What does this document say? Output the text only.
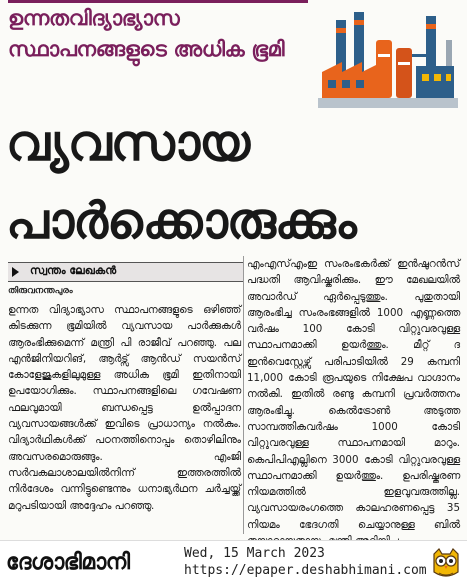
ഉന്നതവിദ്യാഭ്യാസ സ്ഥാപനങ്ങളുടെ അധിക ഭൂമി
വ്യവസായ
പാർക്കൊരുക്കും
സ്വന്തം ലേഖകൻ
തിരുവനന്തപുരം
ഉന്നത വിദ്യാഭ്യാസ സ്ഥാപനങ്ങളുടെ ഒഴിഞ്ഞ് കിടക്കുന്ന ഭൂമിയിൽ വ്യവസായ പാർക്കുകൾ ആരംഭിക്കുമെന്ന് മന്ത്രി പി രാജീവ് പറഞ്ഞു. പല എൻജിനിയറിങ്, ആർട്സ് ആൻഡ് സയൻസ് കോളേജുകളിലുമുള്ള അധിക ഭൂമി ഇതിനായി ഉപയോഗിക്കും. സ്ഥാപനങ്ങളിലെ ഗവേഷണ ഫലവുമായി ബന്ധപ്പെട്ട ഉൽപ്പാദന വ്യവസായങ്ങൾക്ക് ഇവിടെ പ്രാധാന്യം നൽകും. വിദ്യാർഥികൾക്ക് പഠനത്തിനൊപ്പം തൊഴിലിനും അവസരമൊരുങ്ങും. എംജി സർവകലാശാലയിൽനിന്ന് ഇത്തരത്തിൽ നിർദേശം വന്നിട്ടുണ്ടെന്നും ധനാഭ്യർഥന ചർച്ചയ്ക്ക് മറുപടിയായി അദ്ദേഹം പറഞ്ഞു.
എംഎസ്എംഇ സംരംഭകർക്ക് ഇൻഷുറൻസ് പദ്ധതി ആവിഷ്കരിക്കും. ഈ മേഖലയിൽ അവാർഡ് ഏർപ്പെടുത്തും. പുതുതായി ആരംഭിച്ച സംരംഭങ്ങളിൽ 1000 എണ്ണത്തെ വർഷം 100 കോടി വിറ്റുവരവുള്ള സ്ഥാപനമാക്കി ഉയർത്തും. മീറ്റ് ദ ഇൻവെസ്റ്റേഴ്സ് പരിപാടിയിൽ 29 കമ്പനി 11,000 കോടി രൂപയുടെ നിക്ഷേപ വാഗ്ദാനം നൽകി. ഇതിൽ രണ്ടു കമ്പനി പ്രവർത്തനം ആരംഭിച്ചു. കെൽട്രോൺ അടുത്ത സാമ്പത്തികവർഷം 1000 കോടി വിറ്റുവരവുള്ള സ്ഥാപനമായി മാറും. കെപിപിഎല്ലിനെ 3000 കോടി വിറ്റുവരവുള്ള സ്ഥാപനമാക്കി ഉയർത്തും. ഉപരിഷ്കരണ നിയമത്തിൽ ഇളവുവരുത്തില്ല. വ്യവസായരംഗത്തെ കാലഹരണപ്പെട്ട 35 നിയമം ഭേദഗതി ചെയ്യാനുള്ള ബിൽ
ദേശാഭിമാനി	Wed, 15 March 2023
https://epaper.deshabhimani.com
